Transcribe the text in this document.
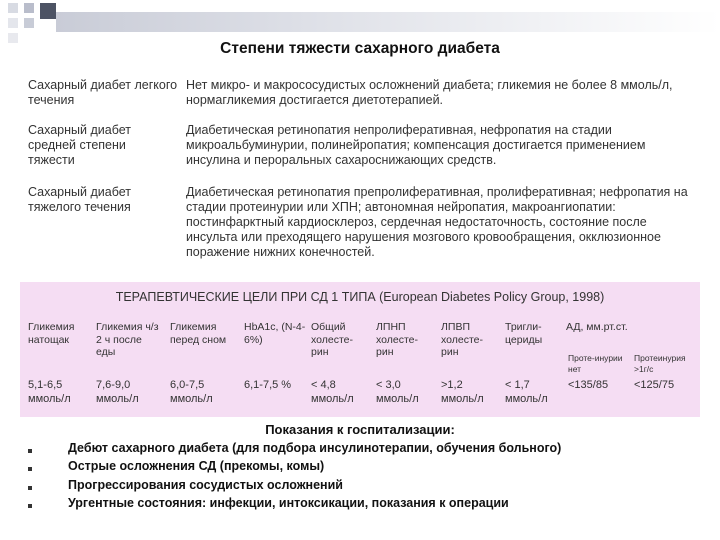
Степени тяжести сахарного диабета
Сахарный диабет легкого течения
Нет микро- и макрососудистых осложнений диабета; гликемия не более 8 ммоль/л, нормагликемия достигается диетотерапией.
Сахарный диабет средней степени тяжести
Диабетическая ретинопатия непролиферативная, нефропатия на стадии микроальбуминурии, полинейропатия; компенсация достигается применением инсулина и пероральных сахароснижающих средств.
Сахарный диабет тяжелого течения
Диабетическая ретинопатия препролиферативная, пролиферативная; нефропатия на стадии протеинурии или ХПН; автономная нейропатия, макроангиопатии: постинфарктный кардиосклероз, сердечная недостаточность, состояние после инсульта или преходящего нарушения мозгового кровообращения, окклюзионное поражение нижних конечностей.
ТЕРАПЕВТИЧЕСКИЕ ЦЕЛИ ПРИ СД 1 ТИПА (European Diabetes Policy Group, 1998)
Гликемия натощак
Гликемия ч/з 2 ч после еды
Гликемия перед сном
HbA1c, (N-4-6%)
Общий холесте-рин
ЛПНП холесте-рин
ЛПВП холесте-рин
Тригли-цериды
АД, мм.рт.ст.
Проте-инурии нет
Протеинурия >1г/с
5,1-6,5 ммоль/л
7,6-9,0 ммоль/л
6,0-7,5 ммоль/л
6,1-7,5 %	< 4,8 ммоль/л
< 3,0 ммоль/л
>1,2 ммоль/л
< 1,7 ммоль/л
<135/85	<125/75
Показания к госпитализации:
Дебют сахарного диабета (для подбора инсулинотерапии, обучения больного)
Острые осложнения СД (прекомы, комы)
Прогрессирования сосудистых осложнений
Ургентные состояния: инфекции, интоксикации, показания к операции
